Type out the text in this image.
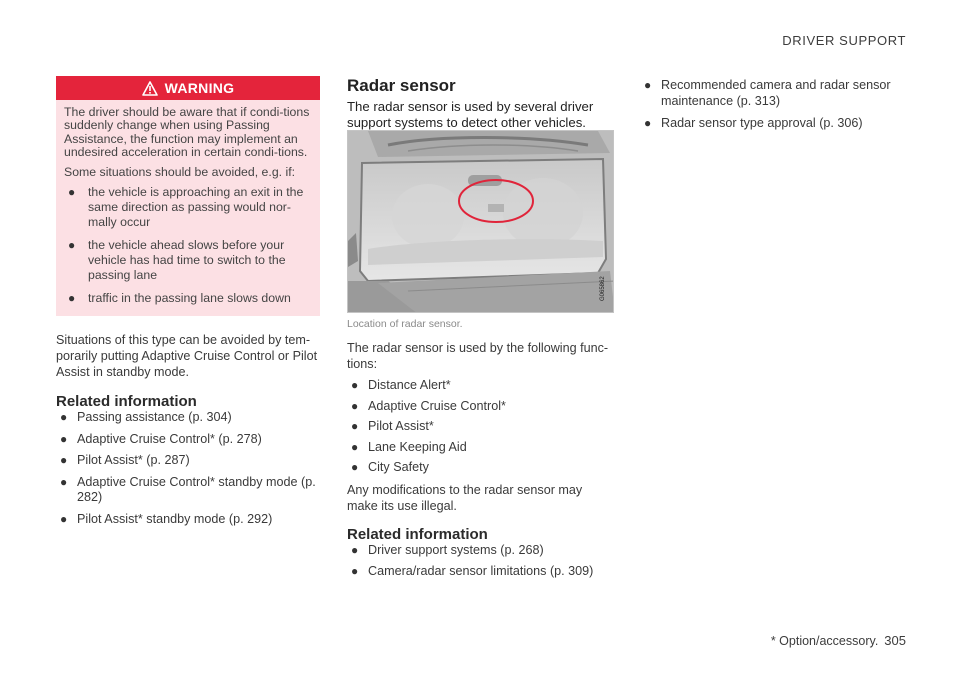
DRIVER SUPPORT
WARNING

The driver should be aware that if condi-tions suddenly change when using Passing Assistance, the function may implement an undesired acceleration in certain condi-tions.

Some situations should be avoided, e.g. if:

● the vehicle is approaching an exit in the same direction as passing would nor-mally occur
● the vehicle ahead slows before your vehicle has had time to switch to the passing lane
● traffic in the passing lane slows down

Situations of this type can be avoided by tem-porarily putting Adaptive Cruise Control or Pilot Assist in standby mode.

Related information
● Passing assistance (p. 304)
● Adaptive Cruise Control* (p. 278)
● Pilot Assist* (p. 287)
● Adaptive Cruise Control* standby mode (p. 282)
● Pilot Assist* standby mode (p. 292)
Radar sensor

The radar sensor is used by several driver support systems to detect other vehicles.

G065862
Location of radar sensor.

The radar sensor is used by the following func-tions:

● Distance Alert*
● Adaptive Cruise Control*
● Pilot Assist*
● Lane Keeping Aid
● City Safety

Any modifications to the radar sensor may make its use illegal.

Related information
● Driver support systems (p. 268)
● Camera/radar sensor limitations (p. 309)
● Recommended camera and radar sensor maintenance (p. 313)
● Radar sensor type approval (p. 306)
* Option/accessory. 305
